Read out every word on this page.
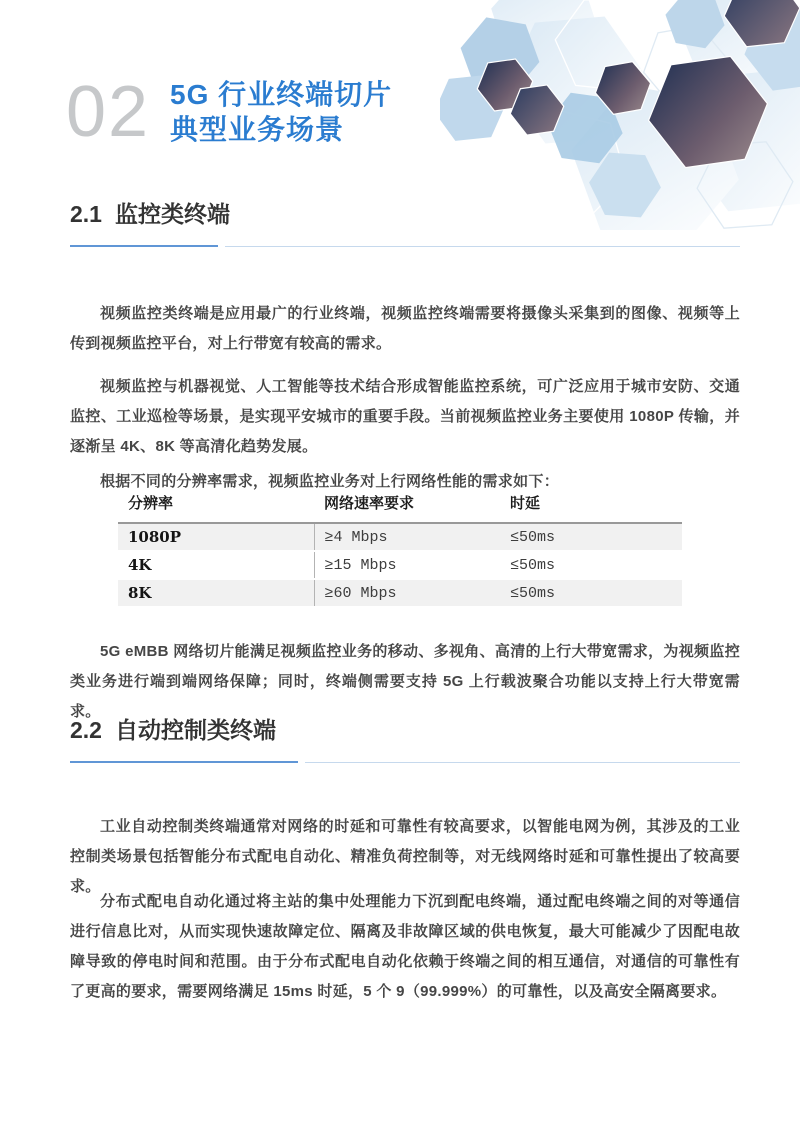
02 5G 行业终端切片
典型业务场景
2.1 监控类终端

视频监控类终端是应用最广的行业终端，视频监控终端需要将摄像头采集到的图像、视频等上传到视频监控平台，对上行带宽有较高的需求。

视频监控与机器视觉、人工智能等技术结合形成智能监控系统，可广泛应用于城市安防、交通监控、工业巡检等场景，是实现平安城市的重要手段。当前视频监控业务主要使用 1080P 传输，并逐渐呈 4K、8K 等高清化趋势发展。

根据不同的分辨率需求，视频监控业务对上行网络性能的需求如下：

分辨率	网络速率要求	时延
1080P	≥4 Mbps	≤50ms
4K	≥15 Mbps	≤50ms
8K	≥60 Mbps	≤50ms

5G eMBB 网络切片能满足视频监控业务的移动、多视角、高清的上行大带宽需求，为视频监控类业务进行端到端网络保障；同时，终端侧需要支持 5G 上行载波聚合功能以支持上行大带宽需求。

2.2 自动控制类终端

工业自动控制类终端通常对网络的时延和可靠性有较高要求，以智能电网为例，其涉及的工业控制类场景包括智能分布式配电自动化、精准负荷控制等，对无线网络时延和可靠性提出了较高要求。

分布式配电自动化通过将主站的集中处理能力下沉到配电终端，通过配电终端之间的对等通信进行信息比对，从而实现快速故障定位、隔离及非故障区域的供电恢复，最大可能减少了因配电故障导致的停电时间和范围。由于分布式配电自动化依赖于终端之间的相互通信，对通信的可靠性有了更高的要求，需要网络满足 15ms 时延，5 个 9（99.999%）的可靠性，以及高安全隔离要求。
